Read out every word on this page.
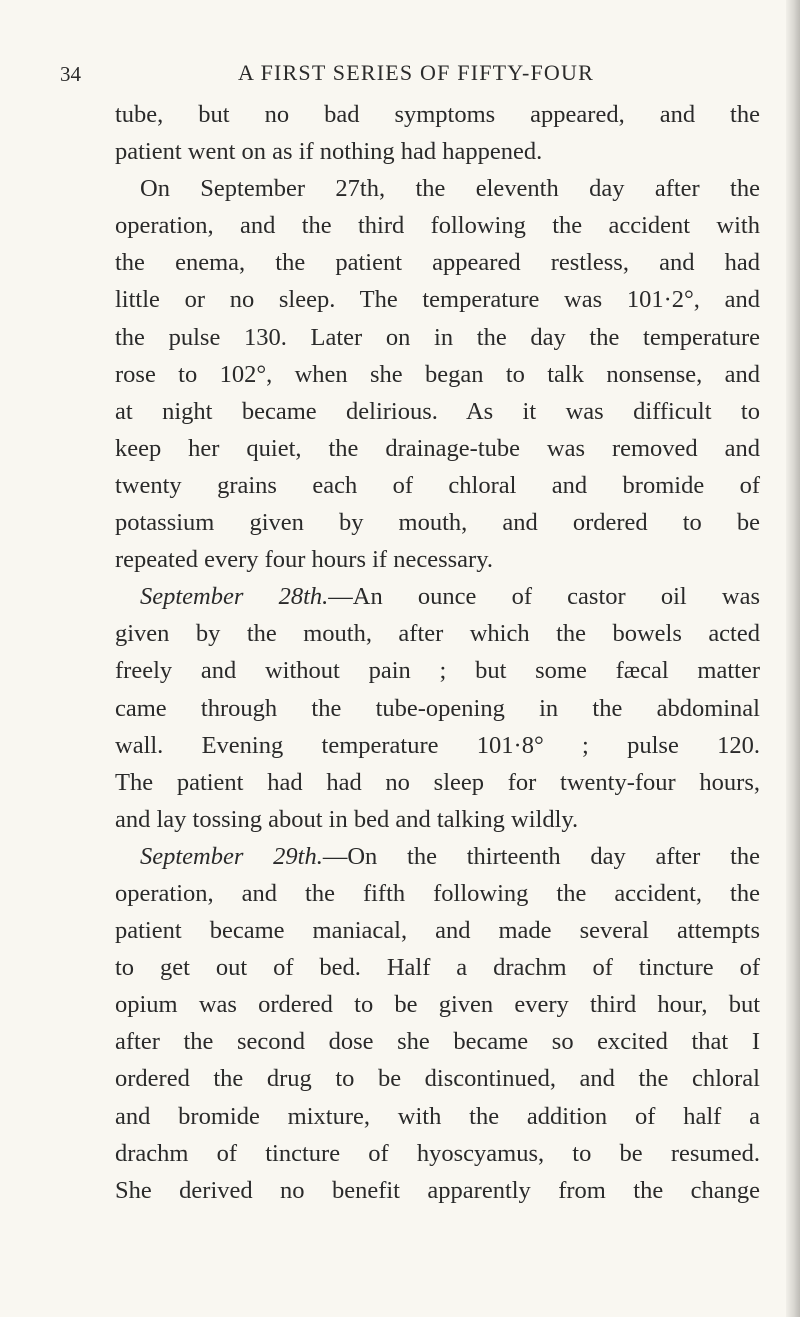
34	A FIRST SERIES OF FIFTY-FOUR
tube, but no bad symptoms appeared, and the
patient went on as if nothing had happened.
On September 27th, the eleventh day after the
operation, and the third following the accident with
the enema, the patient appeared restless, and had
little or no sleep. The temperature was 101·2°, and
the pulse 130. Later on in the day the temperature
rose to 102°, when she began to talk nonsense, and
at night became delirious. As it was difficult to
keep her quiet, the drainage-tube was removed and
twenty grains each of chloral and bromide of
potassium given by mouth, and ordered to be
repeated every four hours if necessary.
September 28th.—An ounce of castor oil was
given by the mouth, after which the bowels acted
freely and without pain ; but some fæcal matter
came through the tube-opening in the abdominal
wall. Evening temperature 101·8° ; pulse 120.
The patient had had no sleep for twenty-four hours,
and lay tossing about in bed and talking wildly.
September 29th.—On the thirteenth day after the
operation, and the fifth following the accident, the
patient became maniacal, and made several attempts
to get out of bed. Half a drachm of tincture of
opium was ordered to be given every third hour, but
after the second dose she became so excited that I
ordered the drug to be discontinued, and the chloral
and bromide mixture, with the addition of half a
drachm of tincture of hyoscyamus, to be resumed.
She derived no benefit apparently from the change
